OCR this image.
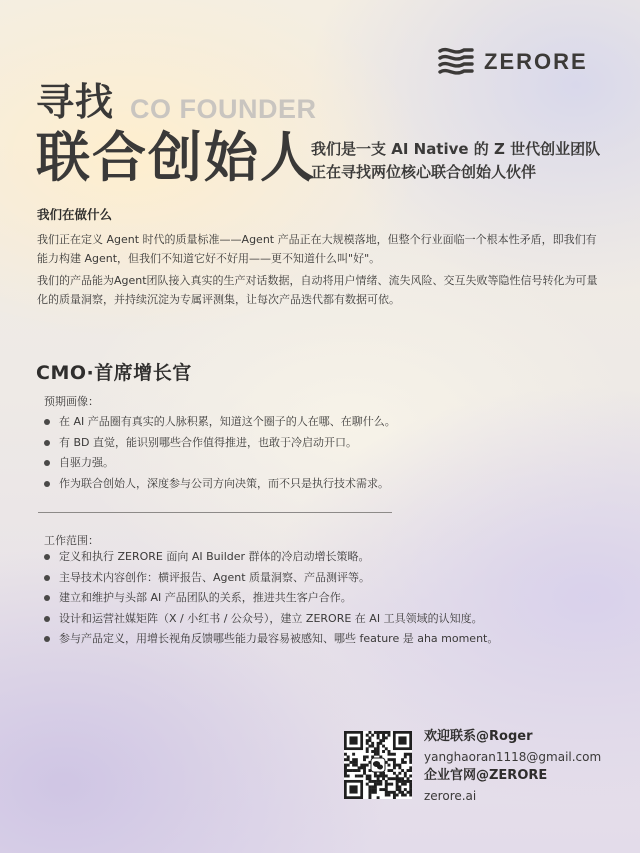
ZERORE
寻找 CO FOUNDER
联合创始人
我们是一支 AI Native 的 Z 世代创业团队
正在寻找两位核心联合创始人伙伴
我们在做什么
我们正在定义 Agent 时代的质量标准——Agent 产品正在大规模落地，但整个行业面临一个根本性矛盾，即我们有能力构建 Agent，但我们不知道它好不好用——更不知道什么叫"好"。
我们的产品能为Agent团队接入真实的生产对话数据，自动将用户情绪、流失风险、交互失败等隐性信号转化为可量化的质量洞察，并持续沉淀为专属评测集，让每次产品迭代都有数据可依。
CMO·首席增长官
预期画像：
在 AI 产品圈有真实的人脉积累，知道这个圈子的人在哪、在聊什么。
有 BD 直觉，能识别哪些合作值得推进，也敢于冷启动开口。
自驱力强。
作为联合创始人，深度参与公司方向决策，而不只是执行技术需求。
工作范围：
定义和执行 ZERORE 面向 AI Builder 群体的冷启动增长策略。
主导技术内容创作：横评报告、Agent 质量洞察、产品测评等。
建立和维护与头部 AI 产品团队的关系，推进共生客户合作。
设计和运营社媒矩阵（X / 小红书 / 公众号），建立 ZERORE 在 AI 工具领域的认知度。
参与产品定义，用增长视角反馈哪些能力最容易被感知、哪些 feature 是 aha moment。
欢迎联系@Roger
yanghaoran1118@gmail.com
企业官网@ZERORE
zerore.ai
